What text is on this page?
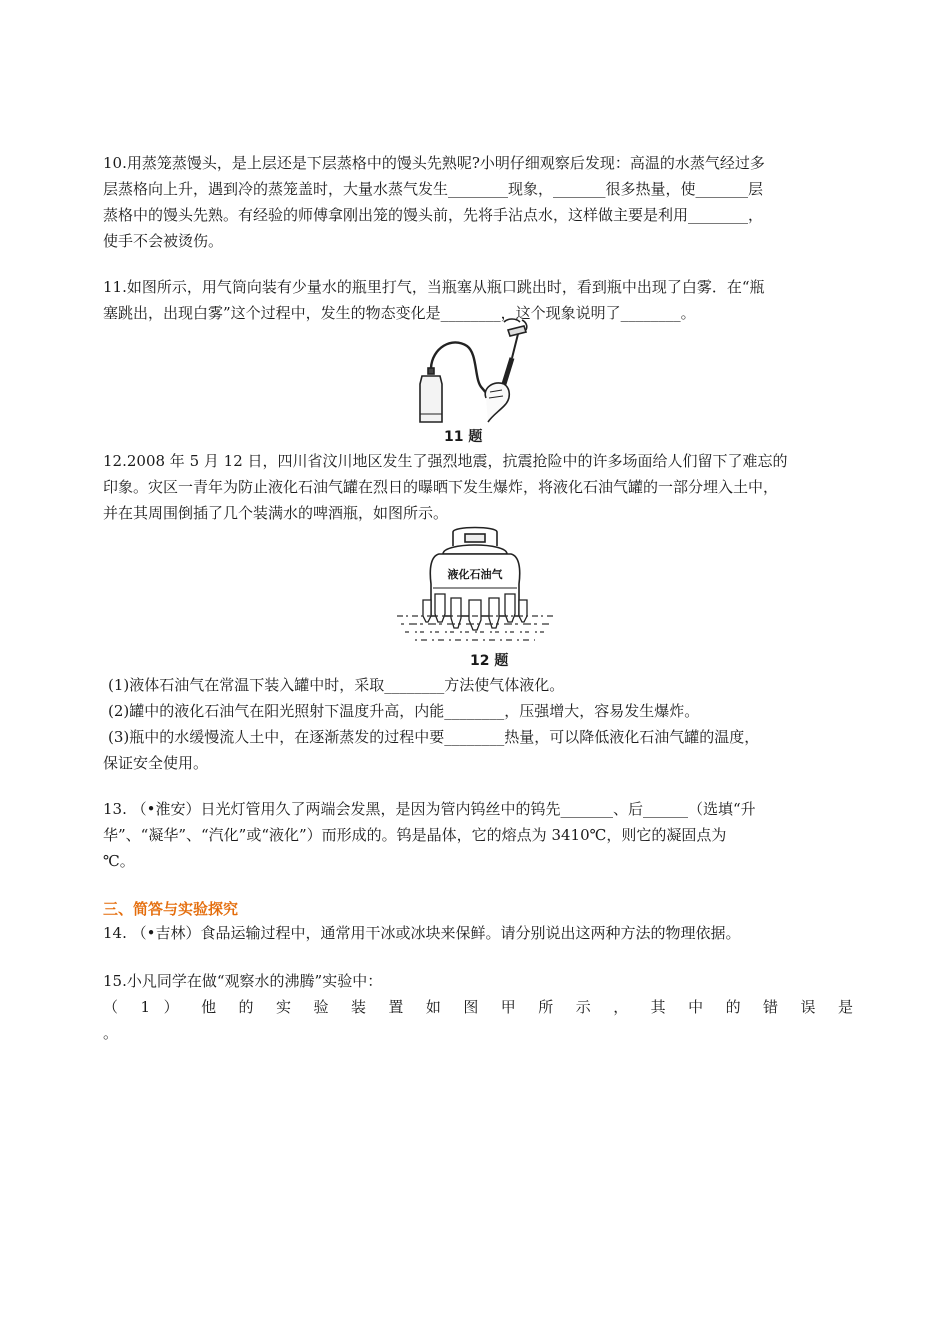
10.用蒸笼蒸馒头，是上层还是下层蒸格中的馒头先熟呢?小明仔细观察后发现：高温的水蒸气经过多
层蒸格向上升，遇到冷的蒸笼盖时，大量水蒸气发生________现象，_______很多热量，使_______层
蒸格中的馒头先熟。有经验的师傅拿刚出笼的馒头前，先将手沾点水，这样做主要是利用________，
使手不会被烫伤。
11.如图所示，用气筒向装有少量水的瓶里打气，当瓶塞从瓶口跳出时，看到瓶中出现了白雾．在“瓶
塞跳出，出现白雾”这个过程中，发生的物态变化是________，这个现象说明了________。
11 题
12.2008 年 5 月 12 日，四川省汶川地区发生了强烈地震，抗震抢险中的许多场面给人们留下了难忘的
印象。灾区一青年为防止液化石油气罐在烈日的曝晒下发生爆炸，将液化石油气罐的一部分埋入土中，
并在其周围倒插了几个装满水的啤酒瓶，如图所示。
液化石油气
12 题
(1)液体石油气在常温下装入罐中时，采取________方法使气体液化。
(2)罐中的液化石油气在阳光照射下温度升高，内能________，压强增大，容易发生爆炸。
(3)瓶中的水缓慢流人土中，在逐渐蒸发的过程中要________热量，可以降低液化石油气罐的温度，
保证安全使用。
13. （•淮安）日光灯管用久了两端会发黑，是因为管内钨丝中的钨先_______、后______（选填“升
华”、“凝华”、“汽化”或“液化”）而形成的。钨是晶体，它的熔点为 3410℃，则它的凝固点为
℃。
三、简答与实验探究
14. （•吉林）食品运输过程中，通常用干冰或冰块来保鲜。请分别说出这两种方法的物理依据。
15.小凡同学在做“观察水的沸腾”实验中：
（ 1 ） 他 的 实 验 装 置 如 图 甲 所 示 ， 其 中 的 错 误 是
。
